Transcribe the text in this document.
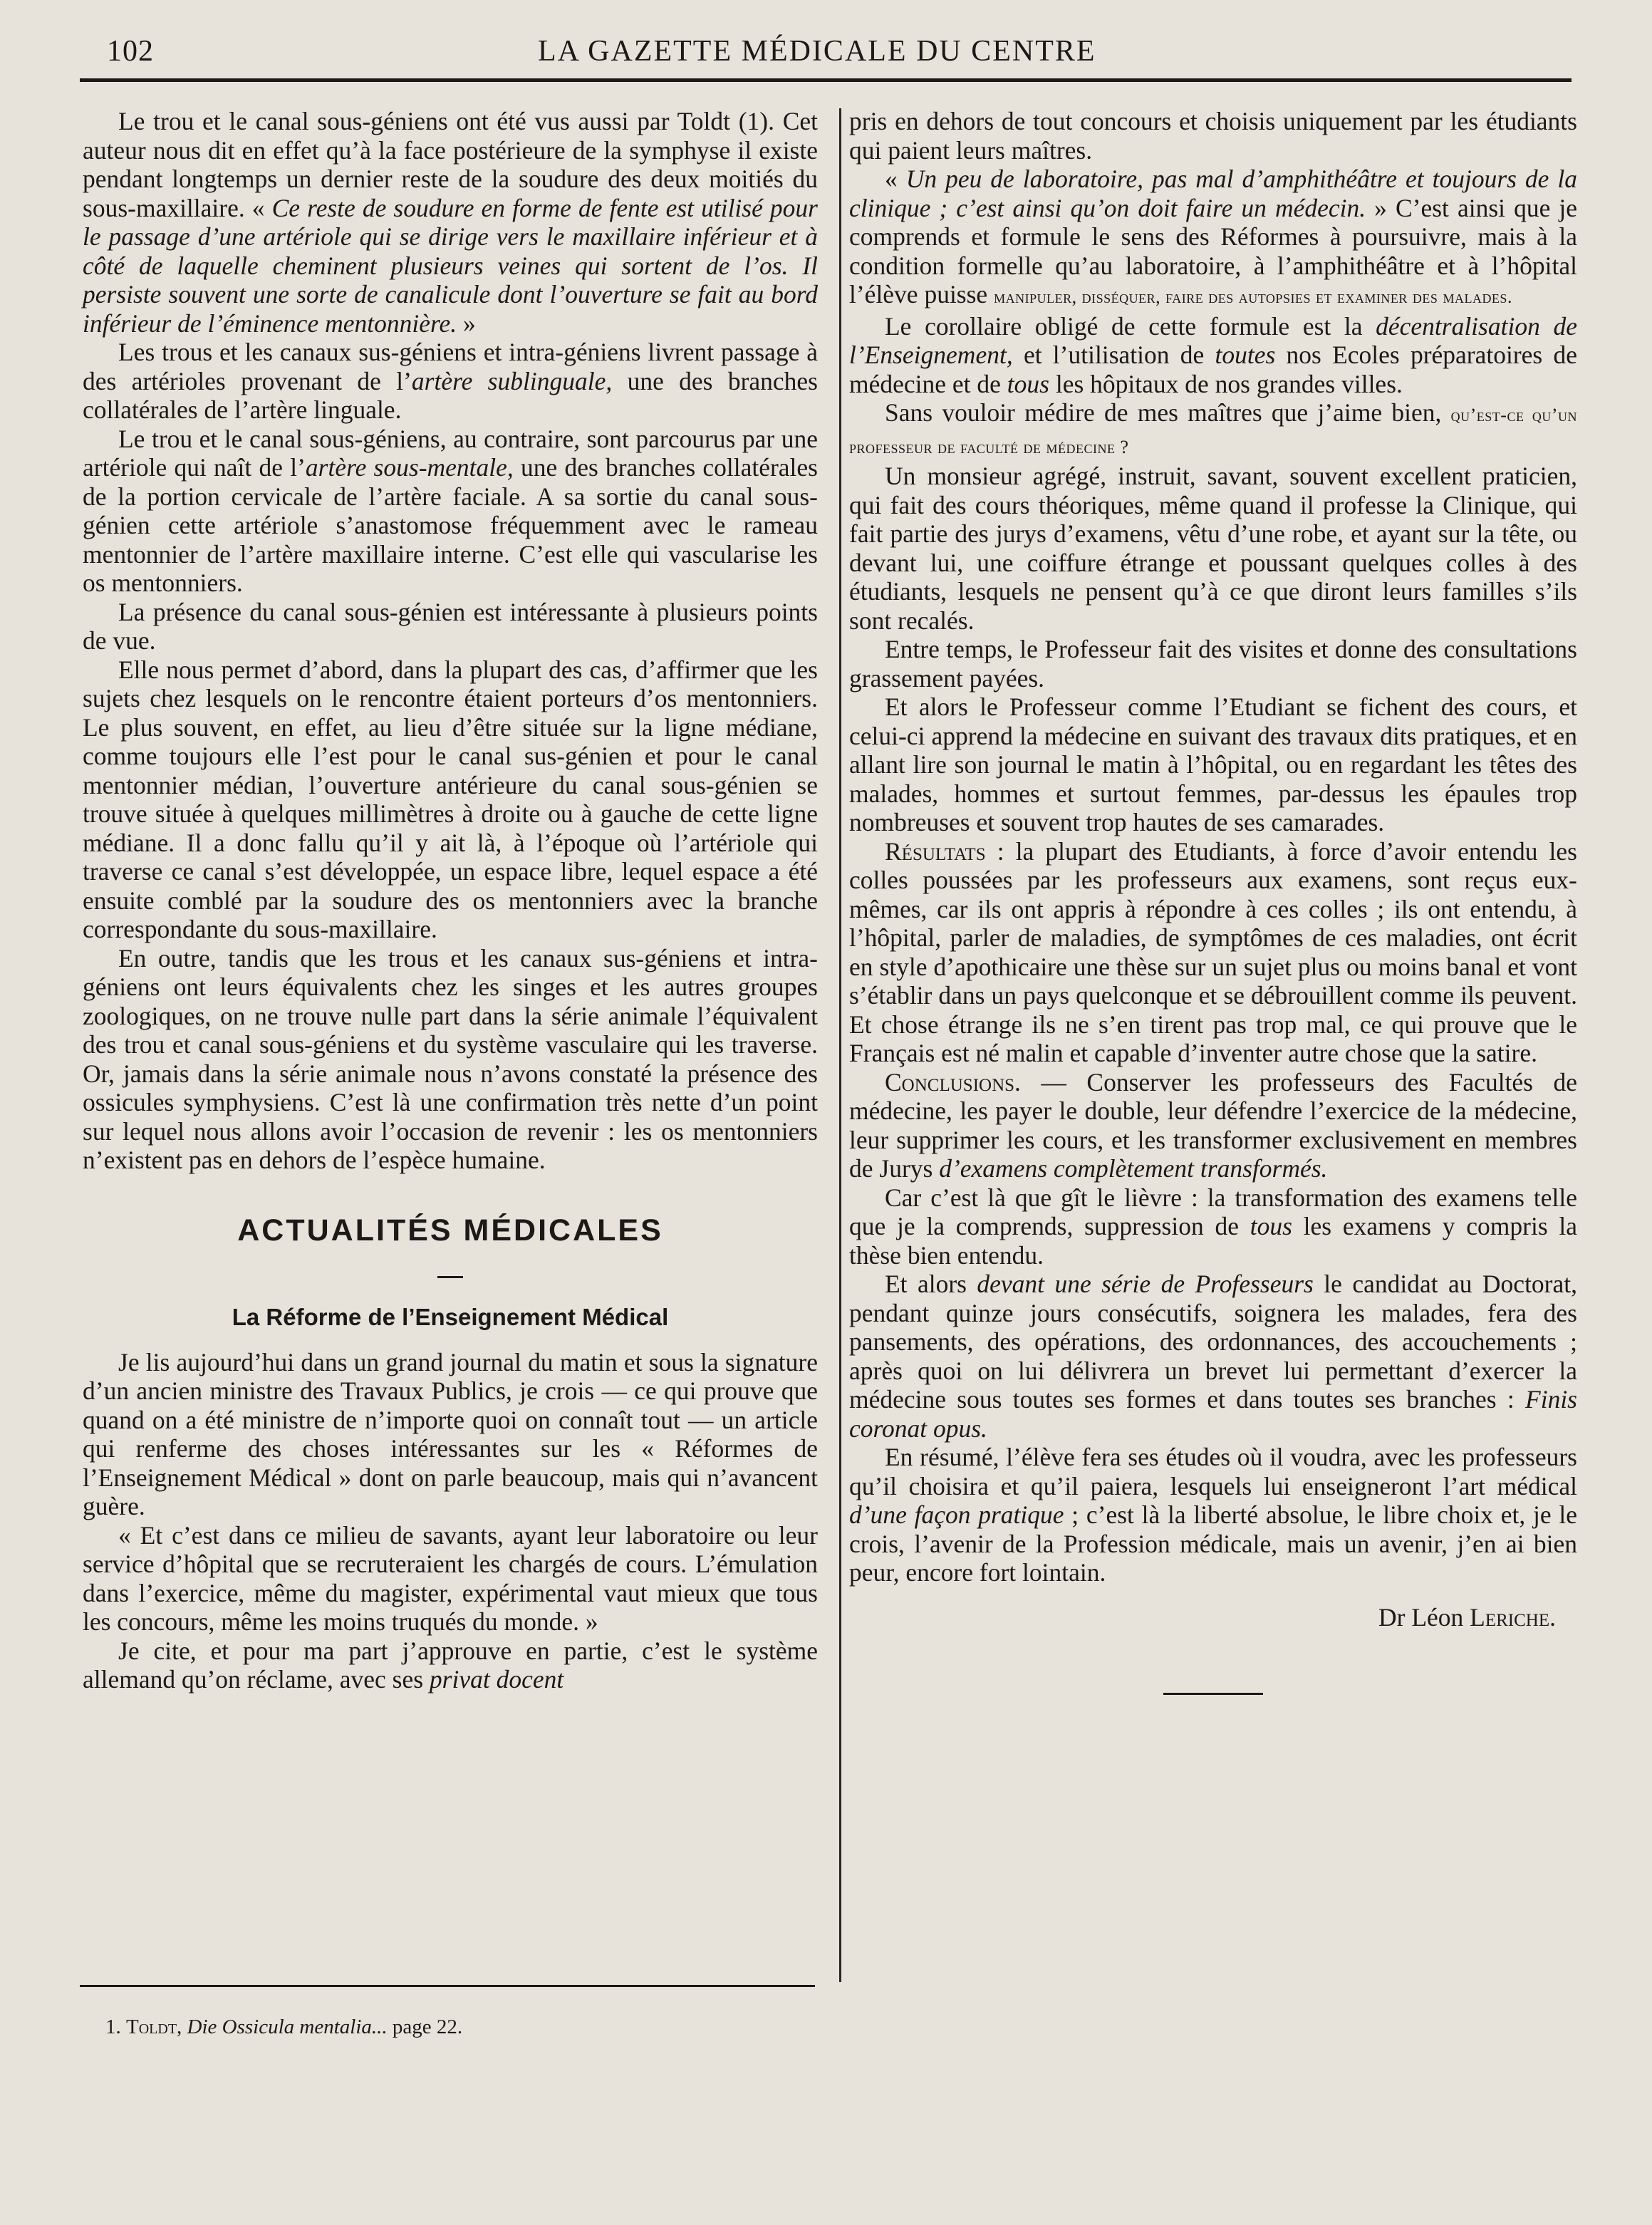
102	LA GAZETTE MÉDICALE DU CENTRE

Le trou et le canal sous-géniens ont été vus aussi par Toldt (1). Cet auteur nous dit en effet qu’à la face postérieure de la symphyse il existe pendant longtemps un dernier reste de la soudure des deux moitiés du sous-maxillaire. « Ce reste de soudure en forme de fente est utilisé pour le passage d’une artériole qui se dirige vers le maxillaire inférieur et à côté de laquelle cheminent plusieurs veines qui sortent de l’os. Il persiste souvent une sorte de canalicule dont l’ouverture se fait au bord inférieur de l’éminence mentonnière. »

Les trous et les canaux sus-géniens et intra-géniens livrent passage à des artérioles provenant de l’artère sublinguale, une des branches collatérales de l’artère linguale.

Le trou et le canal sous-géniens, au contraire, sont parcourus par une artériole qui naît de l’artère sous-mentale, une des branches collatérales de la portion cervicale de l’artère faciale. A sa sortie du canal sous-génien cette artériole s’anastomose fréquemment avec le rameau mentonnier de l’artère maxillaire interne. C’est elle qui vascularise les os mentonniers.

La présence du canal sous-génien est intéressante à plusieurs points de vue.

Elle nous permet d’abord, dans la plupart des cas, d’affirmer que les sujets chez lesquels on le rencontre étaient porteurs d’os mentonniers. Le plus souvent, en effet, au lieu d’être située sur la ligne médiane, comme toujours elle l’est pour le canal sus-génien et pour le canal mentonnier médian, l’ouverture antérieure du canal sous-génien se trouve située à quelques millimètres à droite ou à gauche de cette ligne médiane. Il a donc fallu qu’il y ait là, à l’époque où l’artériole qui traverse ce canal s’est développée, un espace libre, lequel espace a été ensuite comblé par la soudure des os mentonniers avec la branche correspondante du sous-maxillaire.

En outre, tandis que les trous et les canaux sus-géniens et intra-géniens ont leurs équivalents chez les singes et les autres groupes zoologiques, on ne trouve nulle part dans la série animale l’équivalent des trou et canal sous-géniens et du système vasculaire qui les traverse. Or, jamais dans la série animale nous n’avons constaté la présence des ossicules symphysiens. C’est là une confirmation très nette d’un point sur lequel nous allons avoir l’occasion de revenir : les os mentonniers n’existent pas en dehors de l’espèce humaine.

ACTUALITÉS MÉDICALES
La Réforme de l’Enseignement Médical

Je lis aujourd’hui dans un grand journal du matin et sous la signature d’un ancien ministre des Travaux Publics, je crois — ce qui prouve que quand on a été ministre de n’importe quoi on connaît tout — un article qui renferme des choses intéressantes sur les « Réformes de l’Enseignement Médical » dont on parle beaucoup, mais qui n’avancent guère.

« Et c’est dans ce milieu de savants, ayant leur laboratoire ou leur service d’hôpital que se recruteraient les chargés de cours. L’émulation dans l’exercice, même du magister, expérimental vaut mieux que tous les concours, même les moins truqués du monde. »

Je cite, et pour ma part j’approuve en partie, c’est le système allemand qu’on réclame, avec ses privat docent

pris en dehors de tout concours et choisis uniquement par les étudiants qui paient leurs maîtres.

« Un peu de laboratoire, pas mal d’amphithéâtre et toujours de la clinique ; c’est ainsi qu’on doit faire un médecin. » C’est ainsi que je comprends et formule le sens des Réformes à poursuivre, mais à la condition formelle qu’au laboratoire, à l’amphithéâtre et à l’hôpital l’élève puisse manipuler, disséquer, faire des autopsies et examiner des malades.

Le corollaire obligé de cette formule est la décentralisation de l’Enseignement, et l’utilisation de toutes nos Ecoles préparatoires de médecine et de tous les hôpitaux de nos grandes villes.

Sans vouloir médire de mes maîtres que j’aime bien, qu’est-ce qu’un professeur de faculté de médecine ?

Un monsieur agrégé, instruit, savant, souvent excellent praticien, qui fait des cours théoriques, même quand il professe la Clinique, qui fait partie des jurys d’examens, vêtu d’une robe, et ayant sur la tête, ou devant lui, une coiffure étrange et poussant quelques colles à des étudiants, lesquels ne pensent qu’à ce que diront leurs familles s’ils sont recalés.

Entre temps, le Professeur fait des visites et donne des consultations grassement payées.

Et alors le Professeur comme l’Etudiant se fichent des cours, et celui-ci apprend la médecine en suivant des travaux dits pratiques, et en allant lire son journal le matin à l’hôpital, ou en regardant les têtes des malades, hommes et surtout femmes, par-dessus les épaules trop nombreuses et souvent trop hautes de ses camarades.

Résultats : la plupart des Etudiants, à force d’avoir entendu les colles poussées par les professeurs aux examens, sont reçus eux-mêmes, car ils ont appris à répondre à ces colles ; ils ont entendu, à l’hôpital, parler de maladies, de symptômes de ces maladies, ont écrit en style d’apothicaire une thèse sur un sujet plus ou moins banal et vont s’établir dans un pays quelconque et se débrouillent comme ils peuvent. Et chose étrange ils ne s’en tirent pas trop mal, ce qui prouve que le Français est né malin et capable d’inventer autre chose que la satire.

Conclusions. — Conserver les professeurs des Facultés de médecine, les payer le double, leur défendre l’exercice de la médecine, leur supprimer les cours, et les transformer exclusivement en membres de Jurys d’examens complètement transformés.

Car c’est là que gît le lièvre : la transformation des examens telle que je la comprends, suppression de tous les examens y compris la thèse bien entendu.

Et alors devant une série de Professeurs le candidat au Doctorat, pendant quinze jours consécutifs, soignera les malades, fera des pansements, des opérations, des ordonnances, des accouchements ; après quoi on lui délivrera un brevet lui permettant d’exercer la médecine sous toutes ses formes et dans toutes ses branches : Finis coronat opus.

En résumé, l’élève fera ses études où il voudra, avec les professeurs qu’il choisira et qu’il paiera, lesquels lui enseigneront l’art médical d’une façon pratique ; c’est là la liberté absolue, le libre choix et, je le crois, l’avenir de la Profession médicale, mais un avenir, j’en ai bien peur, encore fort lointain.

Dr Léon Leriche.

1. Toldt, Die Ossicula mentalia... page 22.
